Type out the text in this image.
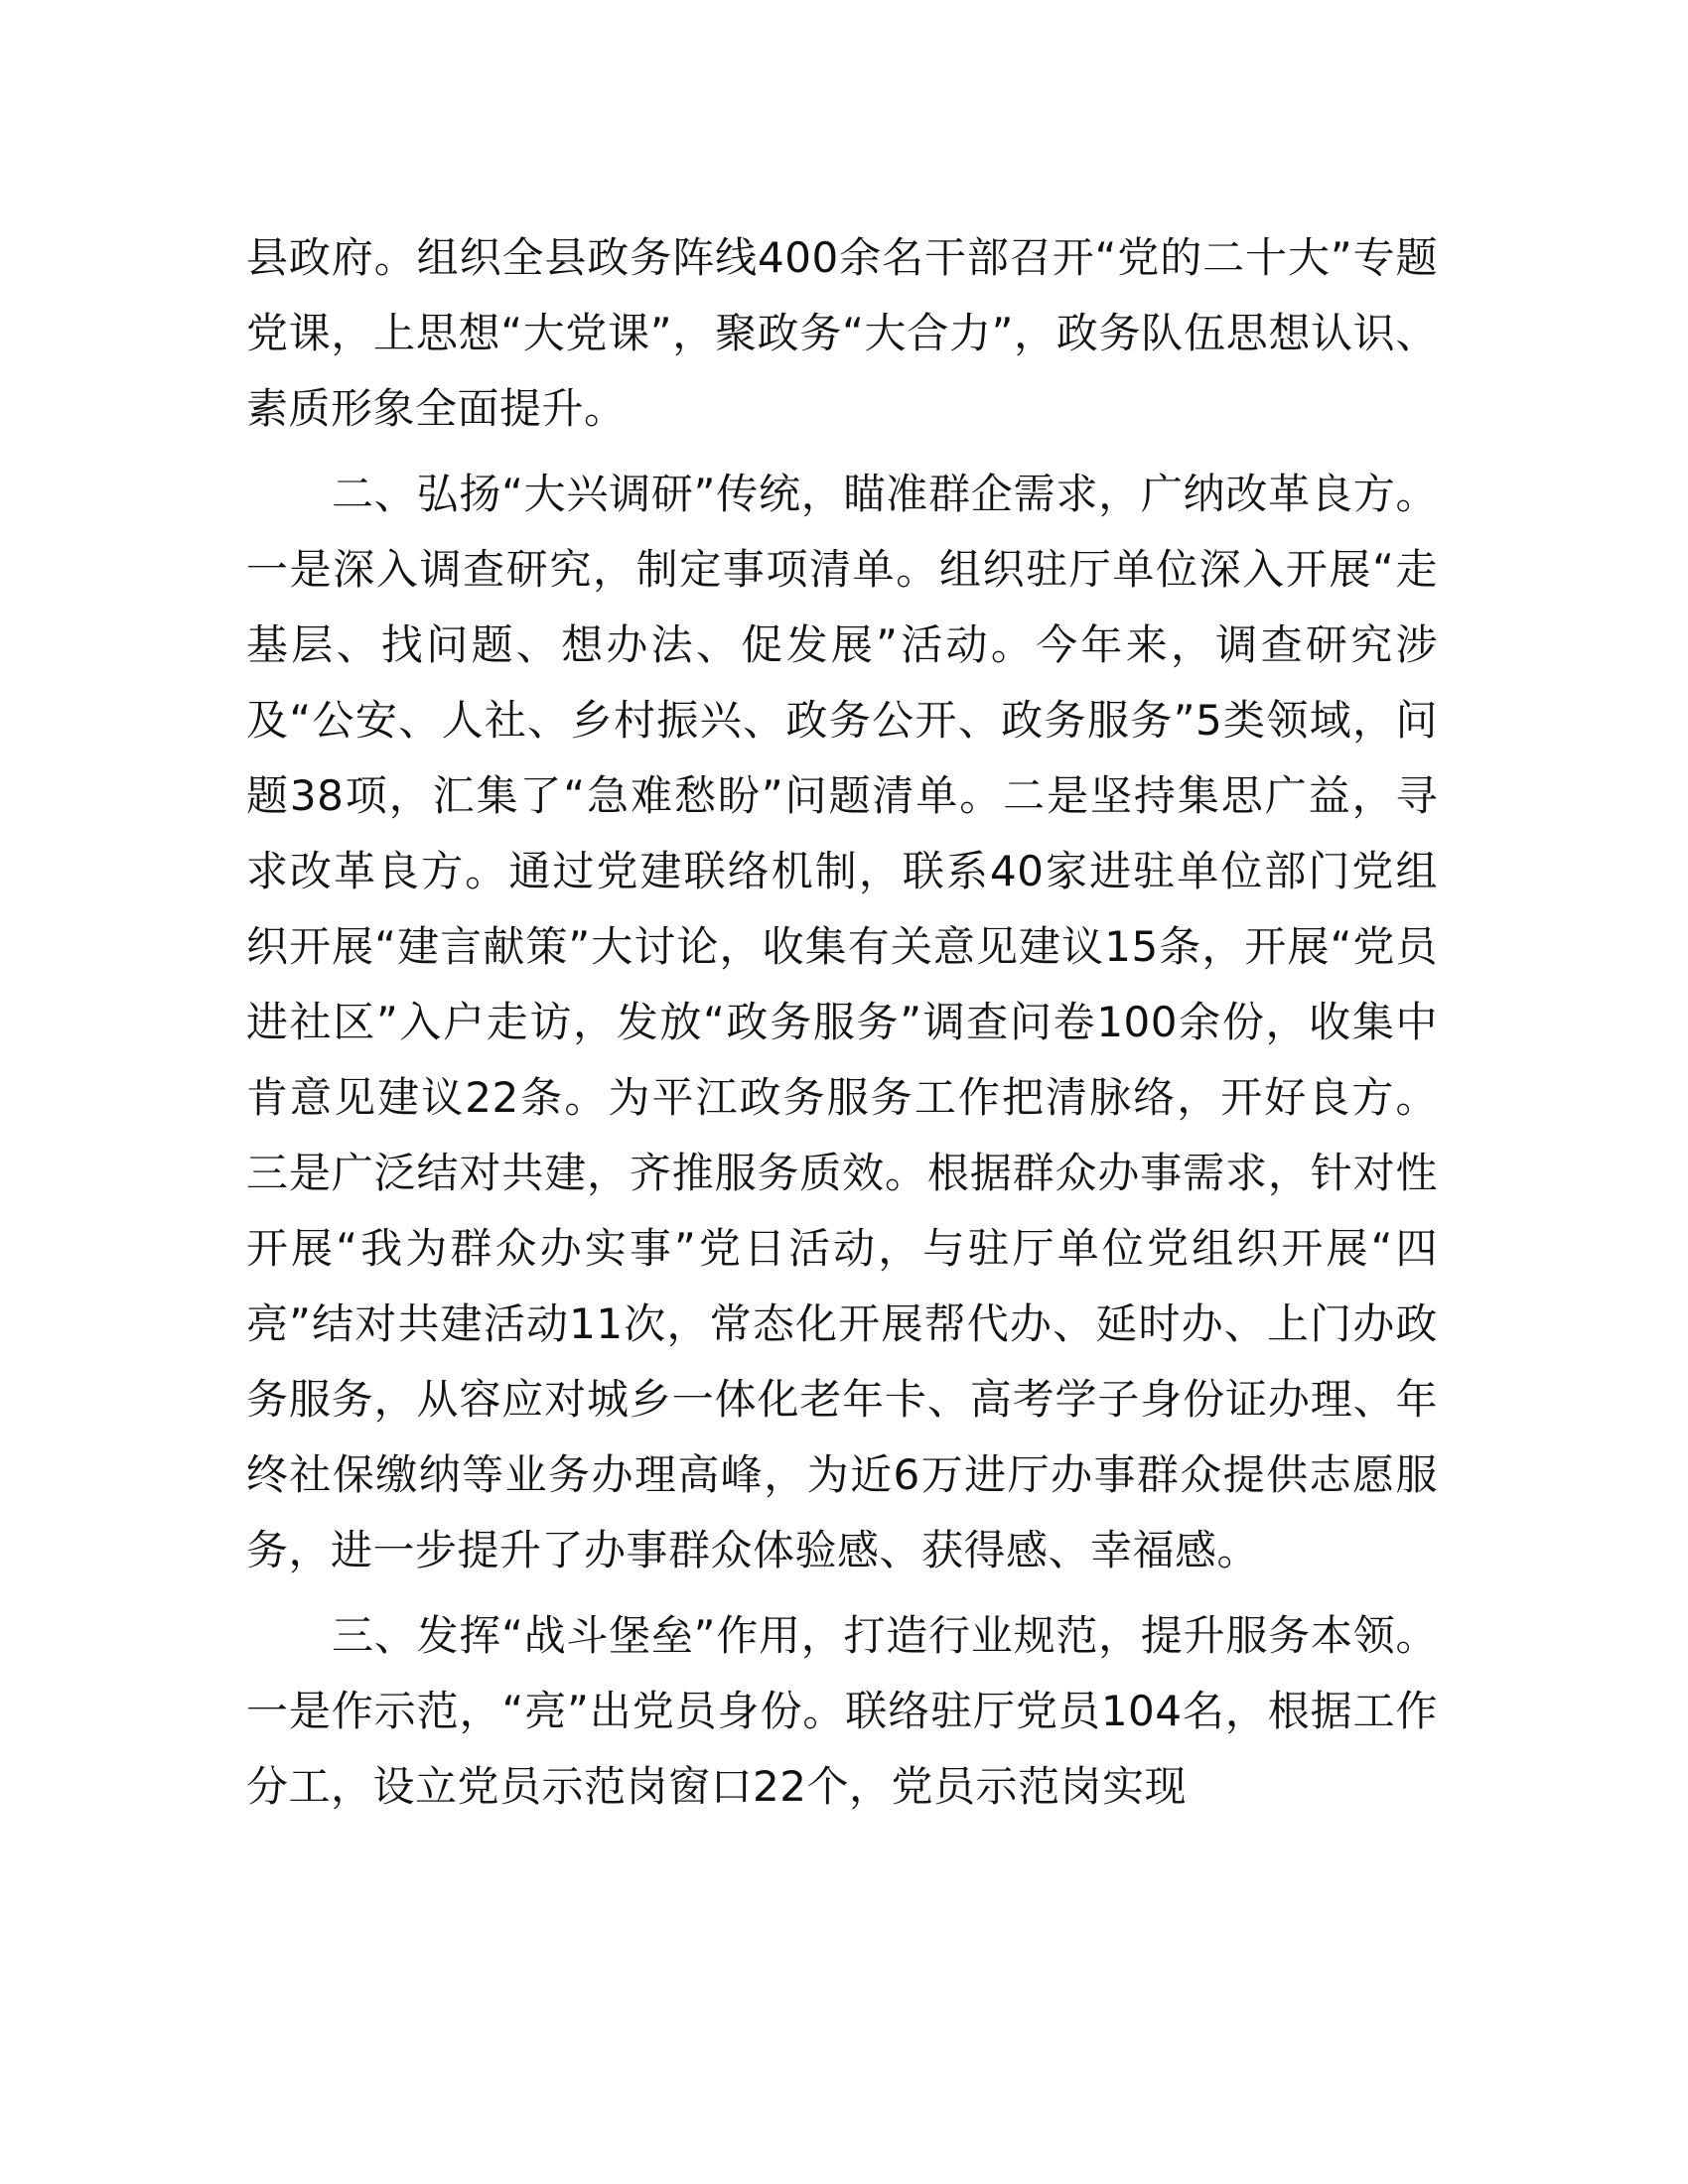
县政府。组织全县政务阵线400余名干部召开“党的二十大”专题党课，上思想“大党课”，聚政务“大合力”，政务队伍思想认识、素质形象全面提升。

二、弘扬“大兴调研”传统，瞄准群企需求，广纳改革良方。一是深入调查研究，制定事项清单。组织驻厅单位深入开展“走基层、找问题、想办法、促发展”活动。今年来，调查研究涉及“公安、人社、乡村振兴、政务公开、政务服务”5类领域，问题38项，汇集了“急难愁盼”问题清单。二是坚持集思广益，寻求改革良方。通过党建联络机制，联系40家进驻单位部门党组织开展“建言献策”大讨论，收集有关意见建议15条，开展“党员进社区”入户走访，发放“政务服务”调查问卷100余份，收集中肯意见建议22条。为平江政务服务工作把清脉络，开好良方。三是广泛结对共建，齐推服务质效。根据群众办事需求，针对性开展“我为群众办实事”党日活动，与驻厅单位党组织开展“四亮”结对共建活动11次，常态化开展帮代办、延时办、上门办政务服务，从容应对城乡一体化老年卡、高考学子身份证办理、年终社保缴纳等业务办理高峰，为近6万进厅办事群众提供志愿服务，进一步提升了办事群众体验感、获得感、幸福感。

三、发挥“战斗堡垒”作用，打造行业规范，提升服务本领。一是作示范，“亮”出党员身份。联络驻厅党员104名，根据工作分工，设立党员示范岗窗口22个，党员示范岗实现
